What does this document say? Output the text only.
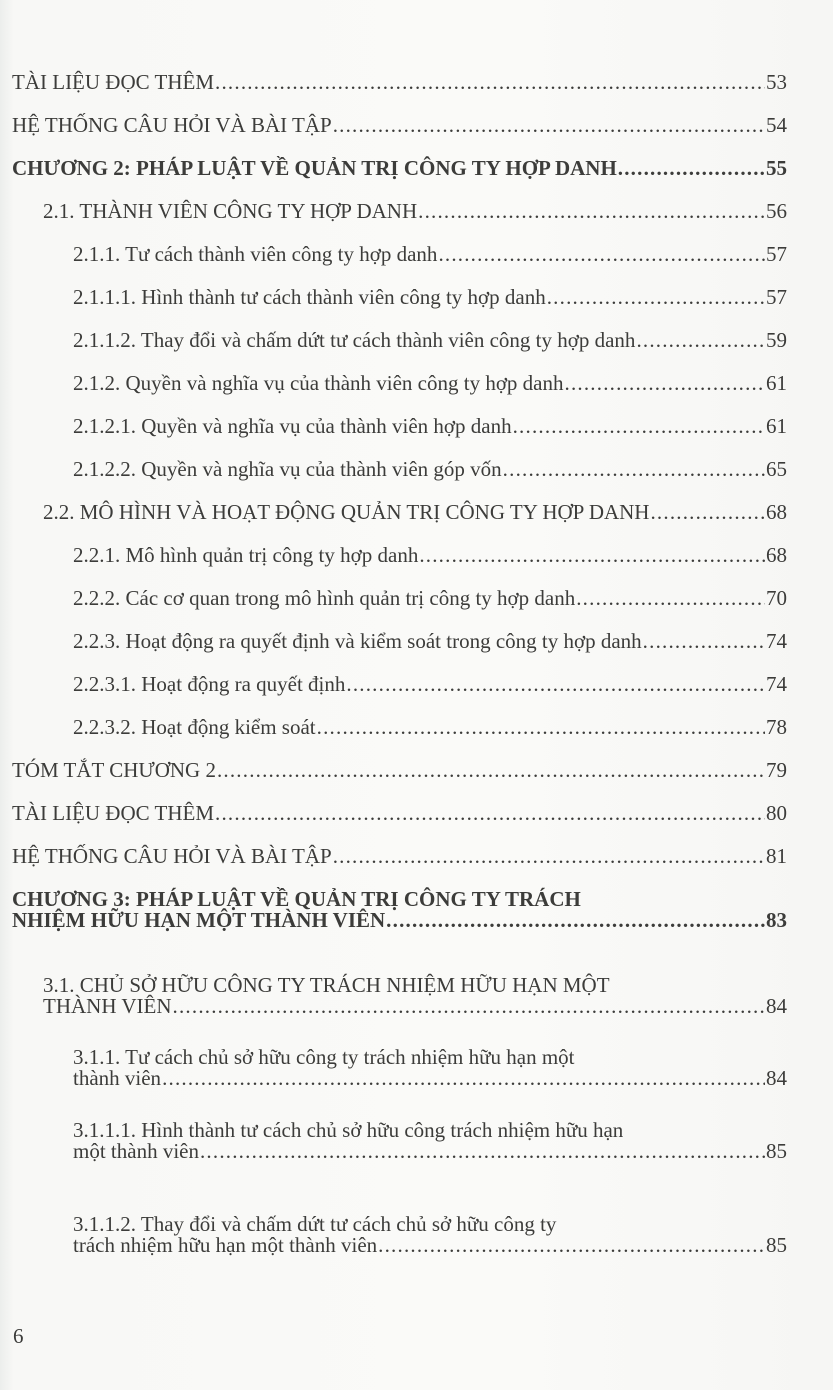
TÀI LIỆU ĐỌC THÊM .....	53
HỆ THỐNG CÂU HỎI VÀ BÀI TẬP .....	54
CHƯƠNG 2: PHÁP LUẬT VỀ QUẢN TRỊ CÔNG TY HỢP DANH .....	55
2.1. THÀNH VIÊN CÔNG TY HỢP DANH .....	56
2.1.1. Tư cách thành viên công ty hợp danh .....	57
2.1.1.1. Hình thành tư cách thành viên công ty hợp danh .....	57
2.1.1.2. Thay đổi và chấm dứt tư cách thành viên công ty hợp danh .....	59
2.1.2. Quyền và nghĩa vụ của thành viên công ty hợp danh .....	61
2.1.2.1. Quyền và nghĩa vụ của thành viên hợp danh .....	61
2.1.2.2. Quyền và nghĩa vụ của thành viên góp vốn .....	65
2.2. MÔ HÌNH VÀ HOẠT ĐỘNG QUẢN TRỊ CÔNG TY HỢP DANH .....	68
2.2.1. Mô hình quản trị công ty hợp danh .....	68
2.2.2. Các cơ quan trong mô hình quản trị công ty hợp danh .....	70
2.2.3. Hoạt động ra quyết định và kiểm soát trong công ty hợp danh .....	74
2.2.3.1. Hoạt động ra quyết định .....	74
2.2.3.2. Hoạt động kiểm soát .....	78
TÓM TẮT CHƯƠNG 2 .....	79
TÀI LIỆU ĐỌC THÊM .....	80
HỆ THỐNG CÂU HỎI VÀ BÀI TẬP .....	81
CHƯƠNG 3: PHÁP LUẬT VỀ QUẢN TRỊ CÔNG TY TRÁCH
NHIỆM HỮU HẠN MỘT THÀNH VIÊN .....	83
3.1. CHỦ SỞ HỮU CÔNG TY TRÁCH NHIỆM HỮU HẠN MỘT
THÀNH VIÊN .....	84
3.1.1. Tư cách chủ sở hữu công ty trách nhiệm hữu hạn một
thành viên .....	84
3.1.1.1. Hình thành tư cách chủ sở hữu công trách nhiệm hữu hạn
một thành viên .....	85
3.1.1.2. Thay đổi và chấm dứt tư cách chủ sở hữu công ty
trách nhiệm hữu hạn một thành viên .....	85
6
